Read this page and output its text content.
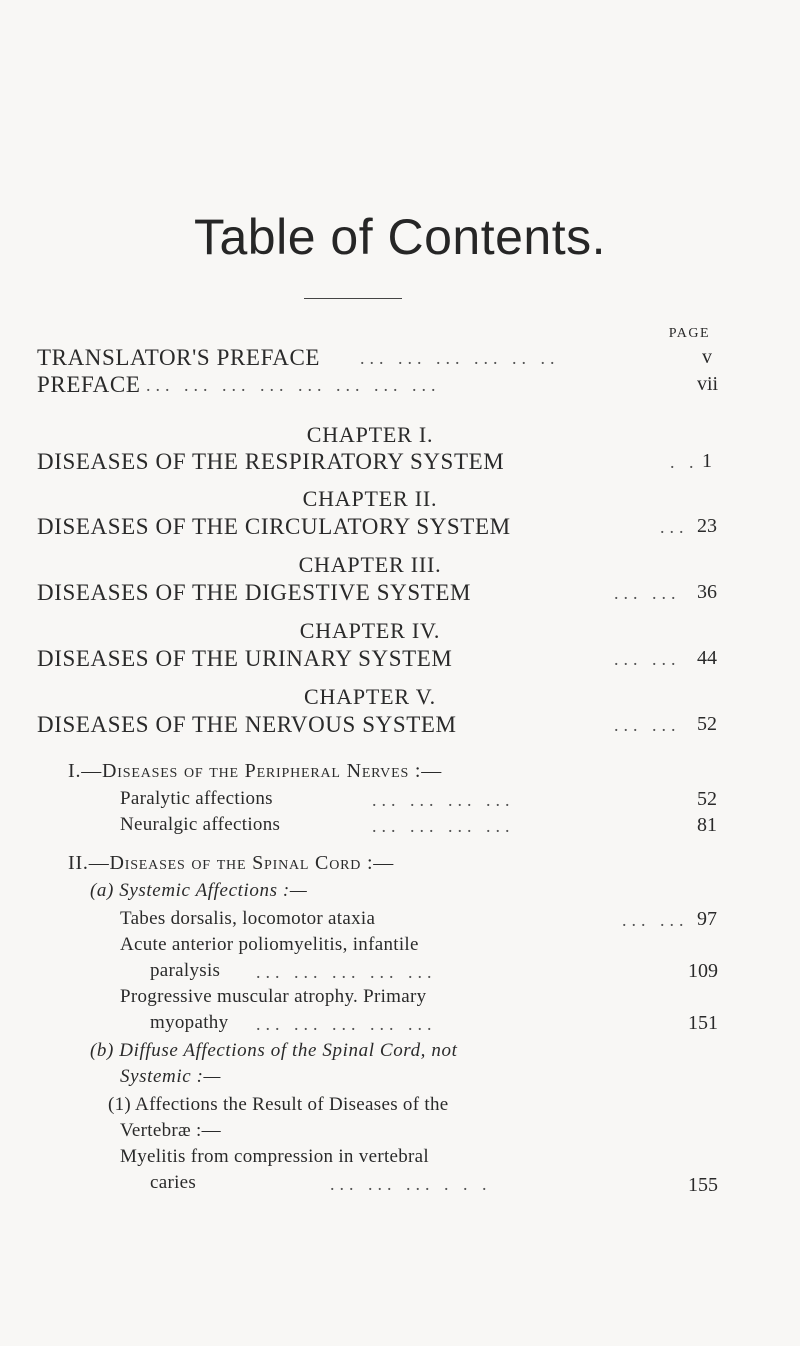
Table of Contents.
PAGE
TRANSLATOR'S PREFACE ... ... ... ... .. ..	v
PREFACE ... ... ... ... ... ... ... ...	vii
CHAPTER I.
DISEASES OF THE RESPIRATORY SYSTEM	. . 1
CHAPTER II.
DISEASES OF THE CIRCULATORY SYSTEM	... 23
CHAPTER III.
DISEASES OF THE DIGESTIVE SYSTEM	... ... 36
CHAPTER IV.
DISEASES OF THE URINARY SYSTEM	... ... 44
CHAPTER V.
DISEASES OF THE NERVOUS SYSTEM	... ... 52
I.—Diseases of the Peripheral Nerves :—
Paralytic affections	... ... ... ...	52
Neuralgic affections	... ... ... ...	81
II.—Diseases of the Spinal Cord :—
(a) Systemic Affections :—
Tabes dorsalis, locomotor ataxia	... ... 97
Acute anterior poliomyelitis, infantile
paralysis ... ... ... ... ...	109
Progressive muscular atrophy. Primary
myopathy ... ... ... ... ...	151
(b) Diffuse Affections of the Spinal Cord, not
Systemic :—
(1) Affections the Result of Diseases of the
Vertebræ :—
Myelitis from compression in vertebral
caries	... ... ... . . .	155
